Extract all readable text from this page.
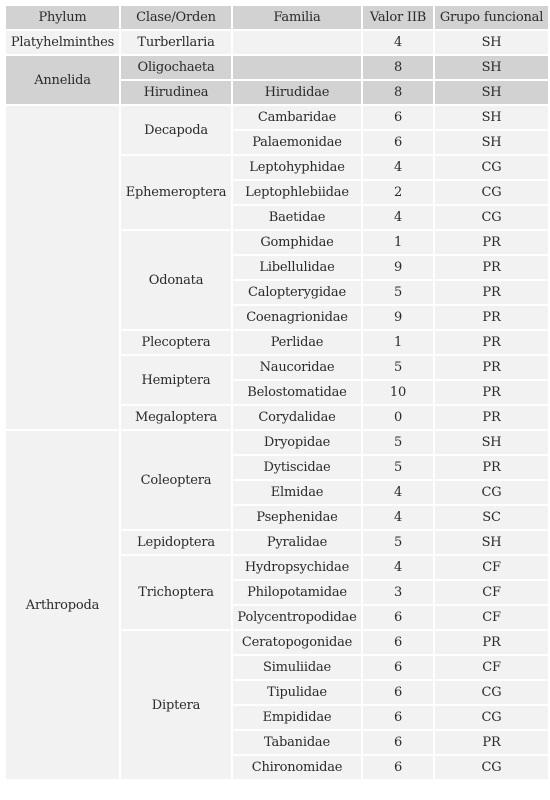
Phylum	Clase/Orden	Familia	Valor IIB	Grupo funcional
Platyhelminthes	Turberllaria		4	SH
Annelida	Oligochaeta		8	SH
	Hirudinea	Hirudidae	8	SH
	Decapoda	Cambaridae	6	SH
		Palaemonidae	6	SH
	Ephemeroptera	Leptohyphidae	4	CG
		Leptophlebiidae	2	CG
		Baetidae	4	CG
	Odonata	Gomphidae	1	PR
		Libellulidae	9	PR
		Calopterygidae	5	PR
		Coenagrionidae	9	PR
	Plecoptera	Perlidae	1	PR
	Hemiptera	Naucoridae	5	PR
		Belostomatidae	10	PR
	Megaloptera	Corydalidae	0	PR
Arthropoda	Coleoptera	Dryopidae	5	SH
		Dytiscidae	5	PR
		Elmidae	4	CG
		Psephenidae	4	SC
	Lepidoptera	Pyralidae	5	SH
	Trichoptera	Hydropsychidae	4	CF
		Philopotamidae	3	CF
		Polycentropodidae	6	CF
	Diptera	Ceratopogonidae	6	PR
		Simuliidae	6	CF
		Tipulidae	6	CG
		Empididae	6	CG
		Tabanidae	6	PR
		Chironomidae	6	CG
